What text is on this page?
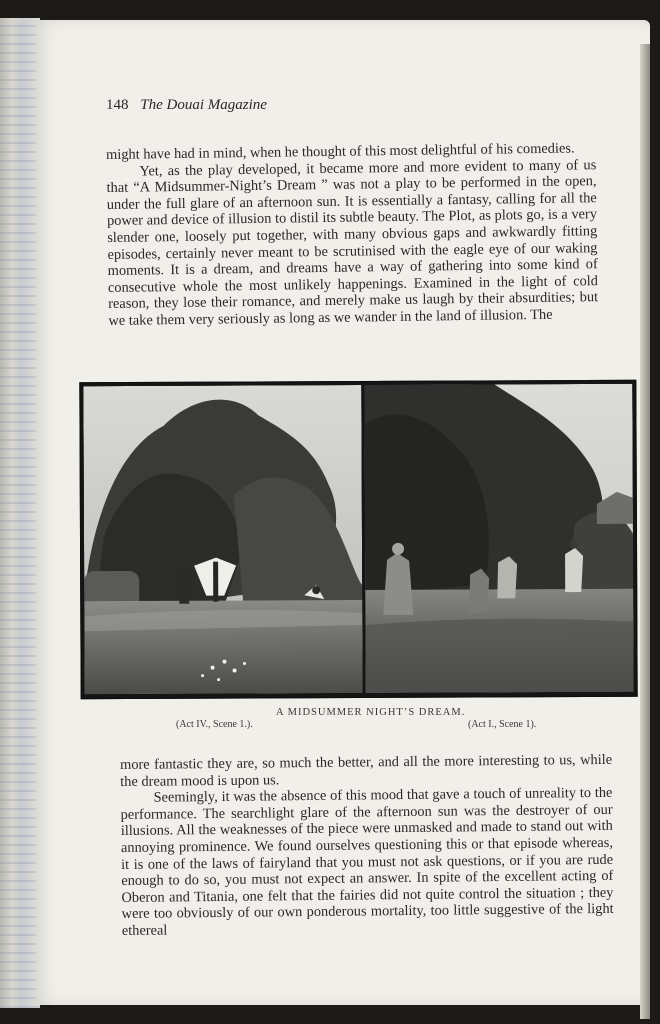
148 The Douai Magazine

might have had in mind, when he thought of this most delightful of his comedies.

Yet, as the play developed, it became more and more evident to many of us that “A Midsummer-Night’s Dream ” was not a play to be performed in the open, under the full glare of an afternoon sun. It is essentially a fantasy, calling for all the power and device of illusion to distil its subtle beauty. The Plot, as plots go, is a very slender one, loosely put together, with many obvious gaps and awkwardly fitting episodes, certainly never meant to be scrutinised with the eagle eye of our waking moments. It is a dream, and dreams have a way of gathering into some kind of consecutive whole the most unlikely happenings. Examined in the light of cold reason, they lose their romance, and merely make us laugh by their absurdities; but we take them very seriously as long as we wander in the land of illusion. The

A MIDSUMMER NIGHT’S DREAM.
(Act IV., Scene 1.).	(Act I., Scene 1).

more fantastic they are, so much the better, and all the more interesting to us, while the dream mood is upon us.

Seemingly, it was the absence of this mood that gave a touch of unreality to the performance. The searchlight glare of the afternoon sun was the destroyer of our illusions. All the weaknesses of the piece were unmasked and made to stand out with annoying prominence. We found ourselves questioning this or that episode whereas, it is one of the laws of fairyland that you must not ask questions, or if you are rude enough to do so, you must not expect an answer. In spite of the excellent acting of Oberon and Titania, one felt that the fairies did not quite control the situation ; they were too obviously of our own ponderous mortality, too little suggestive of the light ethereal
